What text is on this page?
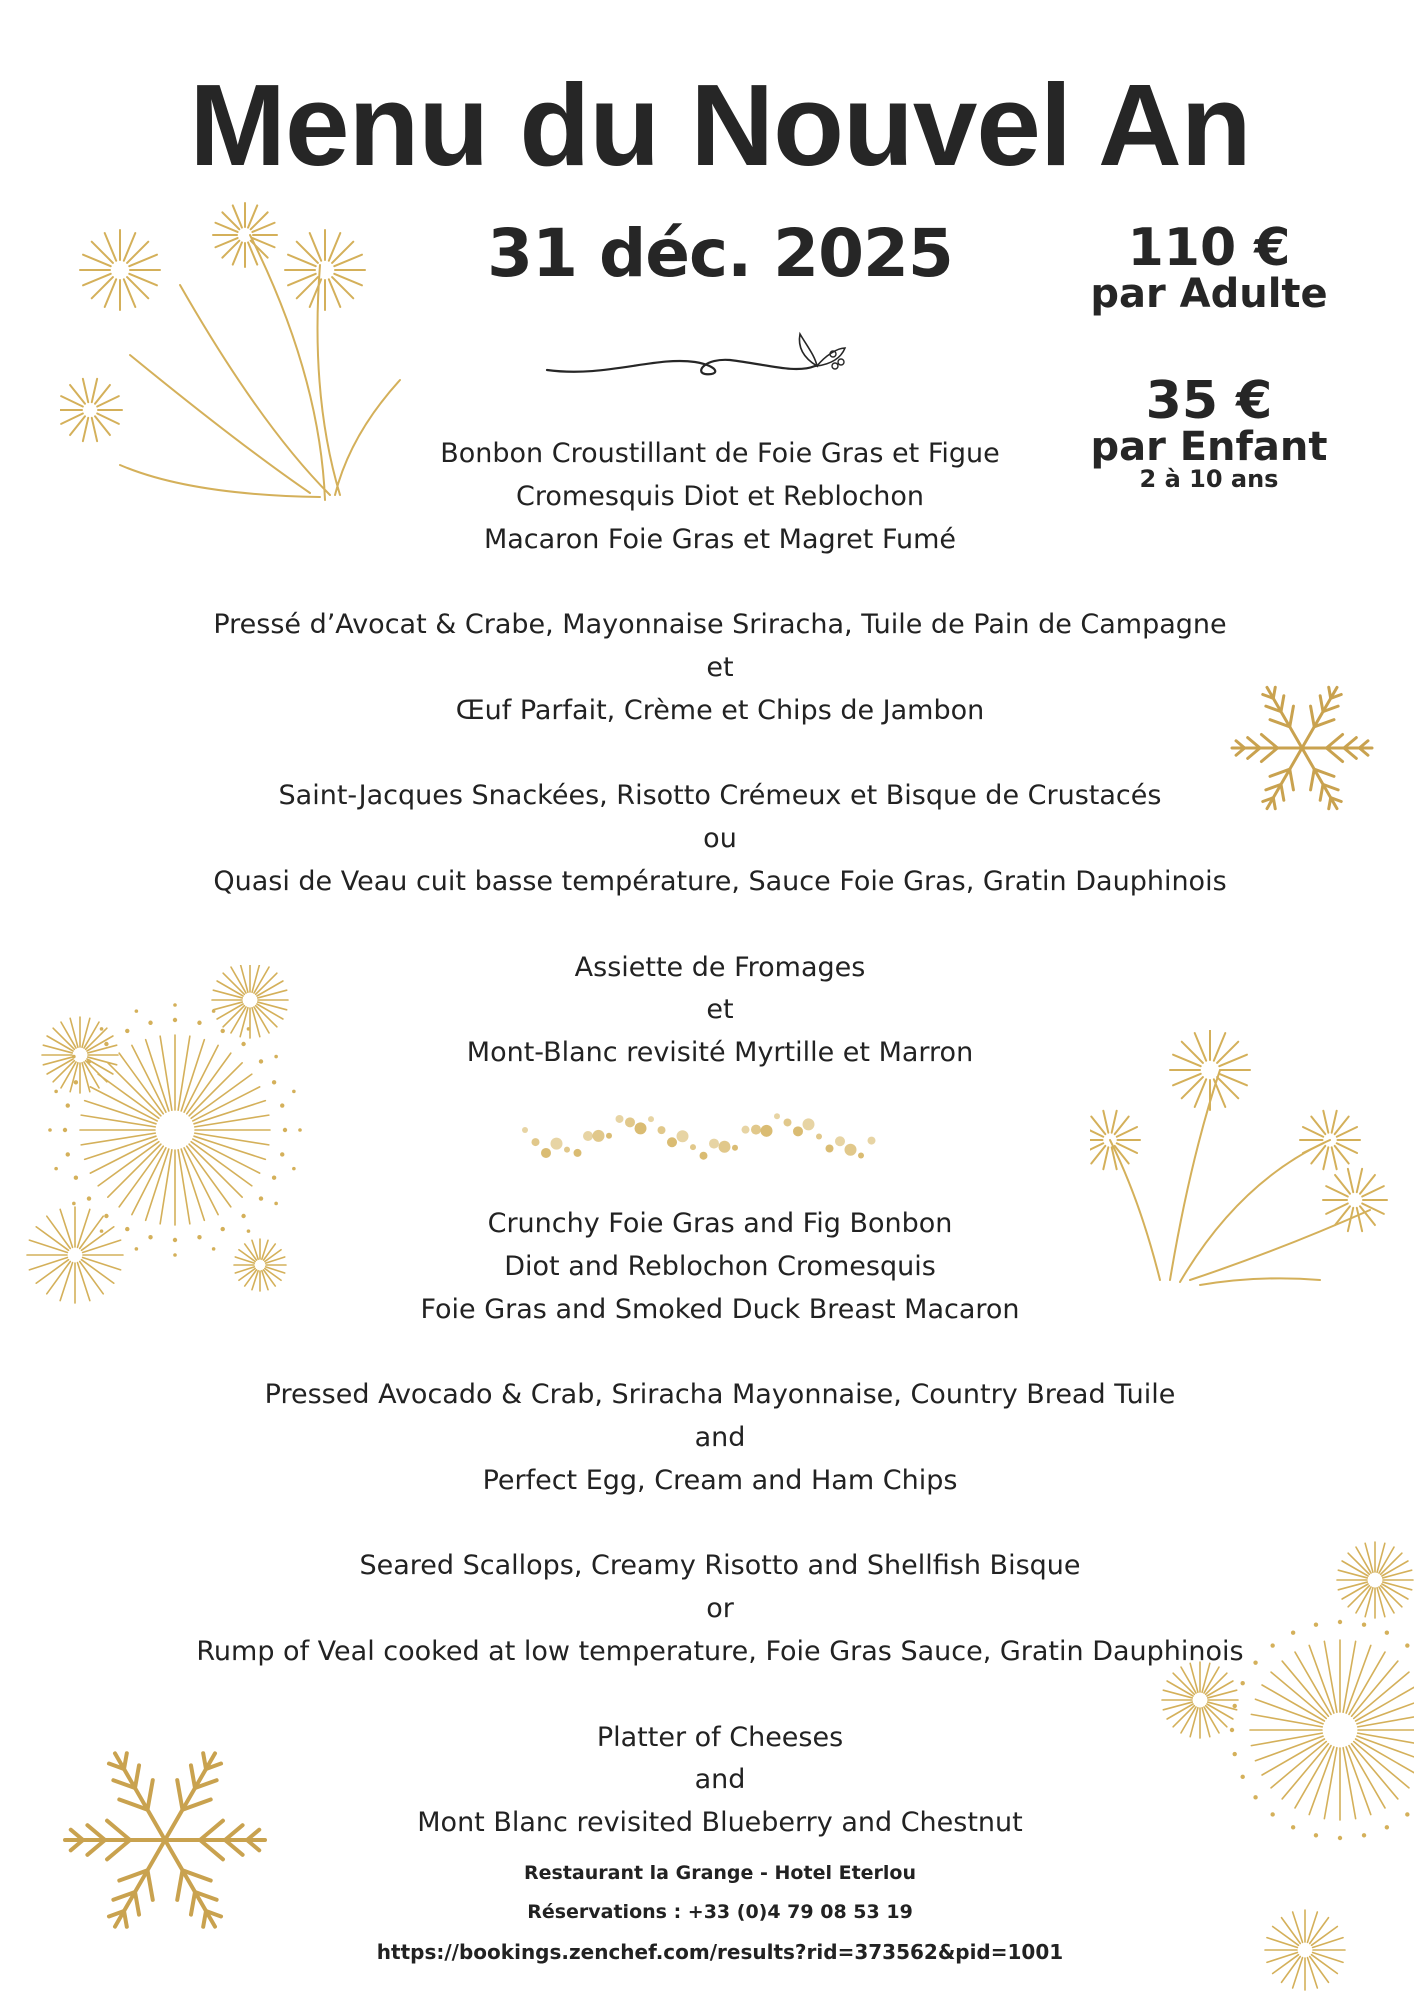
Menu du Nouvel An
31 déc. 2025	110 €
par Adulte
35 €
par Enfant
2 à 10 ans
Bonbon Croustillant de Foie Gras et Figue
Cromesquis Diot et Reblochon
Macaron Foie Gras et Magret Fumé
Pressé d’Avocat & Crabe, Mayonnaise Sriracha, Tuile de Pain de Campagne
et
Œuf Parfait, Crème et Chips de Jambon
Saint-Jacques Snackées, Risotto Crémeux et Bisque de Crustacés
ou
Quasi de Veau cuit basse température, Sauce Foie Gras, Gratin Dauphinois
Assiette de Fromages
et
Mont-Blanc revisité Myrtille et Marron
Crunchy Foie Gras and Fig Bonbon
Diot and Reblochon Cromesquis
Foie Gras and Smoked Duck Breast Macaron
Pressed Avocado & Crab, Sriracha Mayonnaise, Country Bread Tuile
and
Perfect Egg, Cream and Ham Chips
Seared Scallops, Creamy Risotto and Shellfish Bisque
or
Rump of Veal cooked at low temperature, Foie Gras Sauce, Gratin Dauphinois
Platter of Cheeses
and
Mont Blanc revisited Blueberry and Chestnut
Restaurant la Grange - Hotel Eterlou
Réservations : +33 (0)4 79 08 53 19
https://bookings.zenchef.com/results?rid=373562&pid=1001
